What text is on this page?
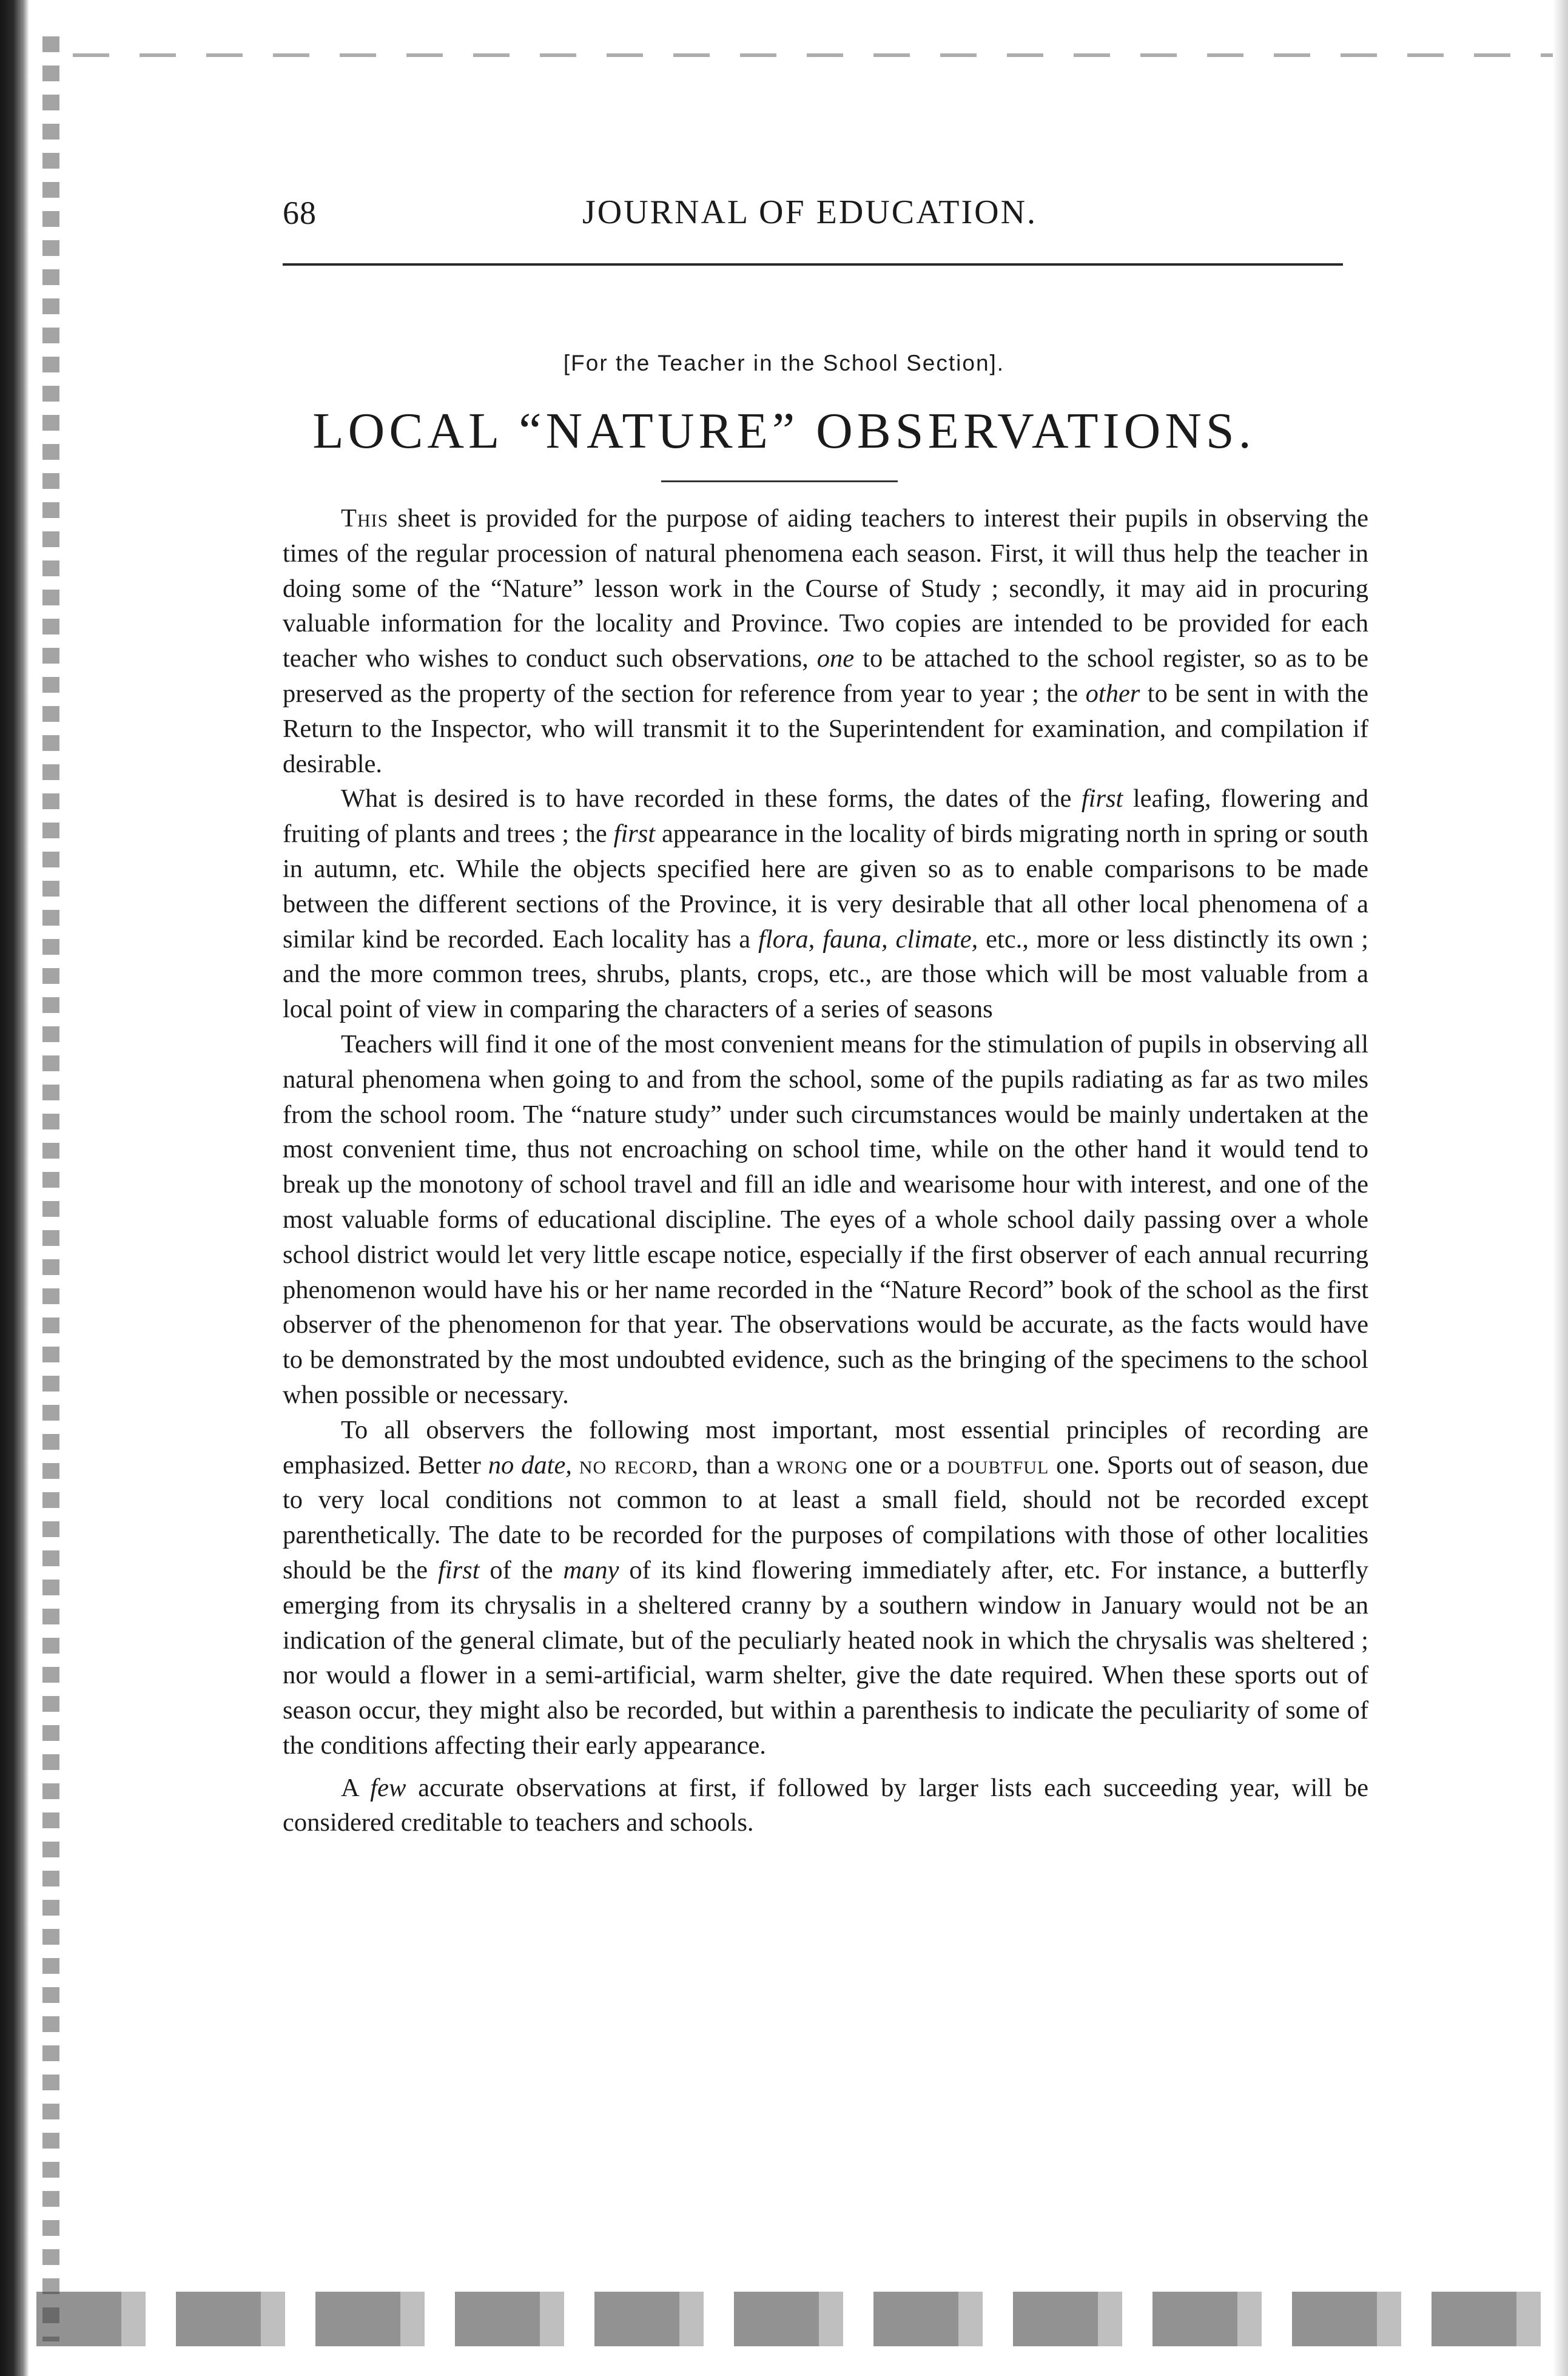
68	JOURNAL OF EDUCATION.
[For the Teacher in the School Section].
LOCAL “NATURE” OBSERVATIONS.

This sheet is provided for the purpose of aiding teachers to interest their pupils in observing the times of the regular procession of natural phenomena each season. First, it will thus help the teacher in doing some of the “Nature” lesson work in the Course of Study ; secondly, it may aid in procuring valuable information for the locality and Province. Two copies are intended to be provided for each teacher who wishes to conduct such observations, one to be attached to the school register, so as to be preserved as the property of the section for reference from year to year ; the other to be sent in with the Return to the Inspector, who will transmit it to the Superintendent for examination, and compilation if desirable.

What is desired is to have recorded in these forms, the dates of the first leafing, flowering and fruiting of plants and trees ; the first appearance in the locality of birds migrating north in spring or south in autumn, etc. While the objects specified here are given so as to enable comparisons to be made between the different sections of the Province, it is very desirable that all other local phenomena of a similar kind be recorded. Each locality has a flora, fauna, climate, etc., more or less distinctly its own ; and the more common trees, shrubs, plants, crops, etc., are those which will be most valuable from a local point of view in comparing the characters of a series of seasons

Teachers will find it one of the most convenient means for the stimulation of pupils in observing all natural phenomena when going to and from the school, some of the pupils radiating as far as two miles from the school room. The “nature study” under such circumstances would be mainly undertaken at the most convenient time, thus not encroaching on school time, while on the other hand it would tend to break up the monotony of school travel and fill an idle and wearisome hour with interest, and one of the most valuable forms of educational discipline. The eyes of a whole school daily passing over a whole school district would let very little escape notice, especially if the first observer of each annual recurring phenomenon would have his or her name recorded in the “Nature Record” book of the school as the first observer of the phenomenon for that year. The observations would be accurate, as the facts would have to be demonstrated by the most undoubted evidence, such as the bringing of the specimens to the school when possible or necessary.

To all observers the following most important, most essential principles of recording are emphasized. Better no date, no record, than a wrong one or a doubtful one. Sports out of season, due to very local conditions not common to at least a small field, should not be recorded except parenthetically. The date to be recorded for the purposes of compilations with those of other localities should be the first of the many of its kind flowering immediately after, etc. For instance, a butterfly emerging from its chrysalis in a sheltered cranny by a southern window in January would not be an indication of the general climate, but of the peculiarly heated nook in which the chrysalis was sheltered ; nor would a flower in a semi-artificial, warm shelter, give the date required. When these sports out of season occur, they might also be recorded, but within a parenthesis to indicate the peculiarity of some of the conditions affecting their early appearance.

A few accurate observations at first, if followed by larger lists each succeeding year, will be considered creditable to teachers and schools.
